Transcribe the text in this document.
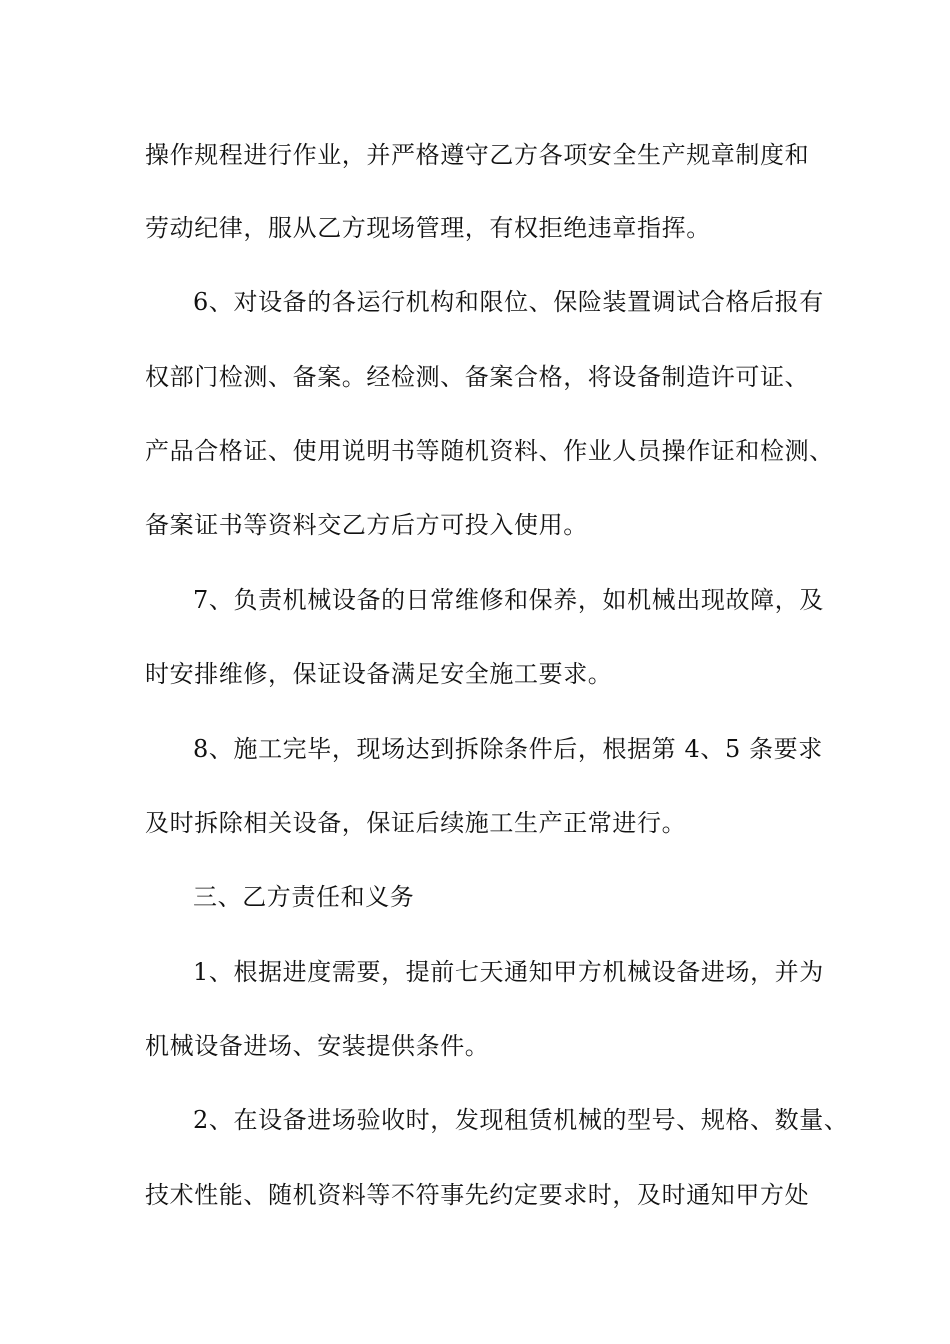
操作规程进行作业，并严格遵守乙方各项安全生产规章制度和
劳动纪律，服从乙方现场管理，有权拒绝违章指挥。
6、对设备的各运行机构和限位、保险装置调试合格后报有
权部门检测、备案。经检测、备案合格，将设备制造许可证、
产品合格证、使用说明书等随机资料、作业人员操作证和检测、
备案证书等资料交乙方后方可投入使用。
7、负责机械设备的日常维修和保养，如机械出现故障，及
时安排维修，保证设备满足安全施工要求。
8、施工完毕，现场达到拆除条件后，根据第 4、5 条要求
及时拆除相关设备，保证后续施工生产正常进行。
三、乙方责任和义务
1、根据进度需要，提前七天通知甲方机械设备进场，并为
机械设备进场、安装提供条件。
2、在设备进场验收时，发现租赁机械的型号、规格、数量、
技术性能、随机资料等不符事先约定要求时，及时通知甲方处
